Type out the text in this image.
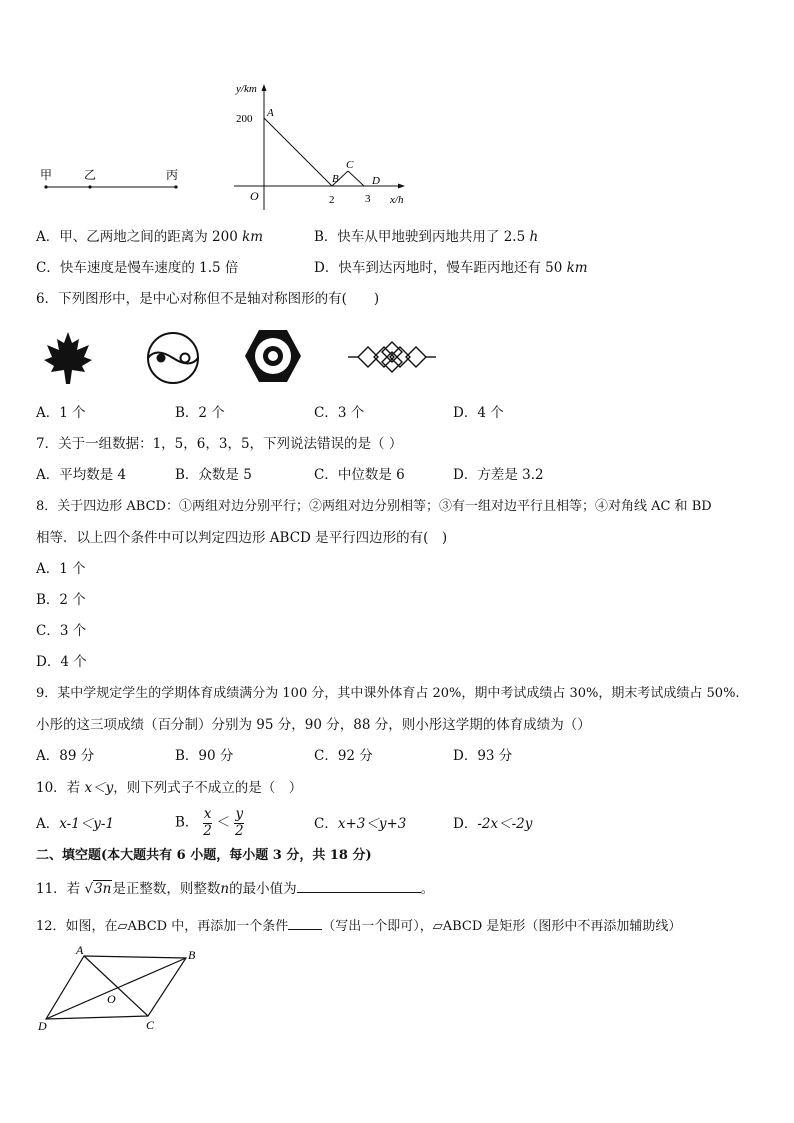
甲	乙	丙
y/km
200 A
O
B
C
D
2	3 x/h
A．甲、乙两地之间的距离为 200 km	B．快车从甲地驶到丙地共用了 2.5 h
C．快车速度是慢车速度的 1.5 倍	D．快车到达丙地时，慢车距丙地还有 50 km
6．下列图形中，是中心对称但不是轴对称图形的有(　　)
A．1 个	B．2 个	C．3 个	D．4 个
7．关于一组数据：1，5，6，3，5，下列说法错误的是（ ）
A．平均数是 4	B．众数是 5	C．中位数是 6	D．方差是 3.2
8．关于四边形 ABCD：①两组对边分别平行；②两组对边分别相等；③有一组对边平行且相等；④对角线 AC 和 BD
相等．以上四个条件中可以判定四边形 ABCD 是平行四边形的有(　)
A．1 个
B．2 个
C．3 个
D．4 个
9．某中学规定学生的学期体育成绩满分为 100 分，其中课外体育占 20%，期中考试成绩占 30%，期末考试成绩占 50%.
小彤的这三项成绩（百分制）分别为 95 分，90 分，88 分，则小彤这学期的体育成绩为（）
A．89 分	B．90 分	C．92 分	D．93 分
10．若 x＜y，则下列式子不成立的是（　）
A．x-1＜y-1	B． $\frac{x}{2} < \frac{y}{2}$	C．x+3＜y+3	D．-2x＜-2y
二、填空题(本大题共有 6 小题，每小题 3 分，共 18 分)
11．若 √3n是正整数，则整数n的最小值为	。
12．如图，在▱ABCD 中，再添加一个条件	（写出一个即可），▱ABCD 是矩形（图形中不再添加辅助线）
A	B
C
D
O
